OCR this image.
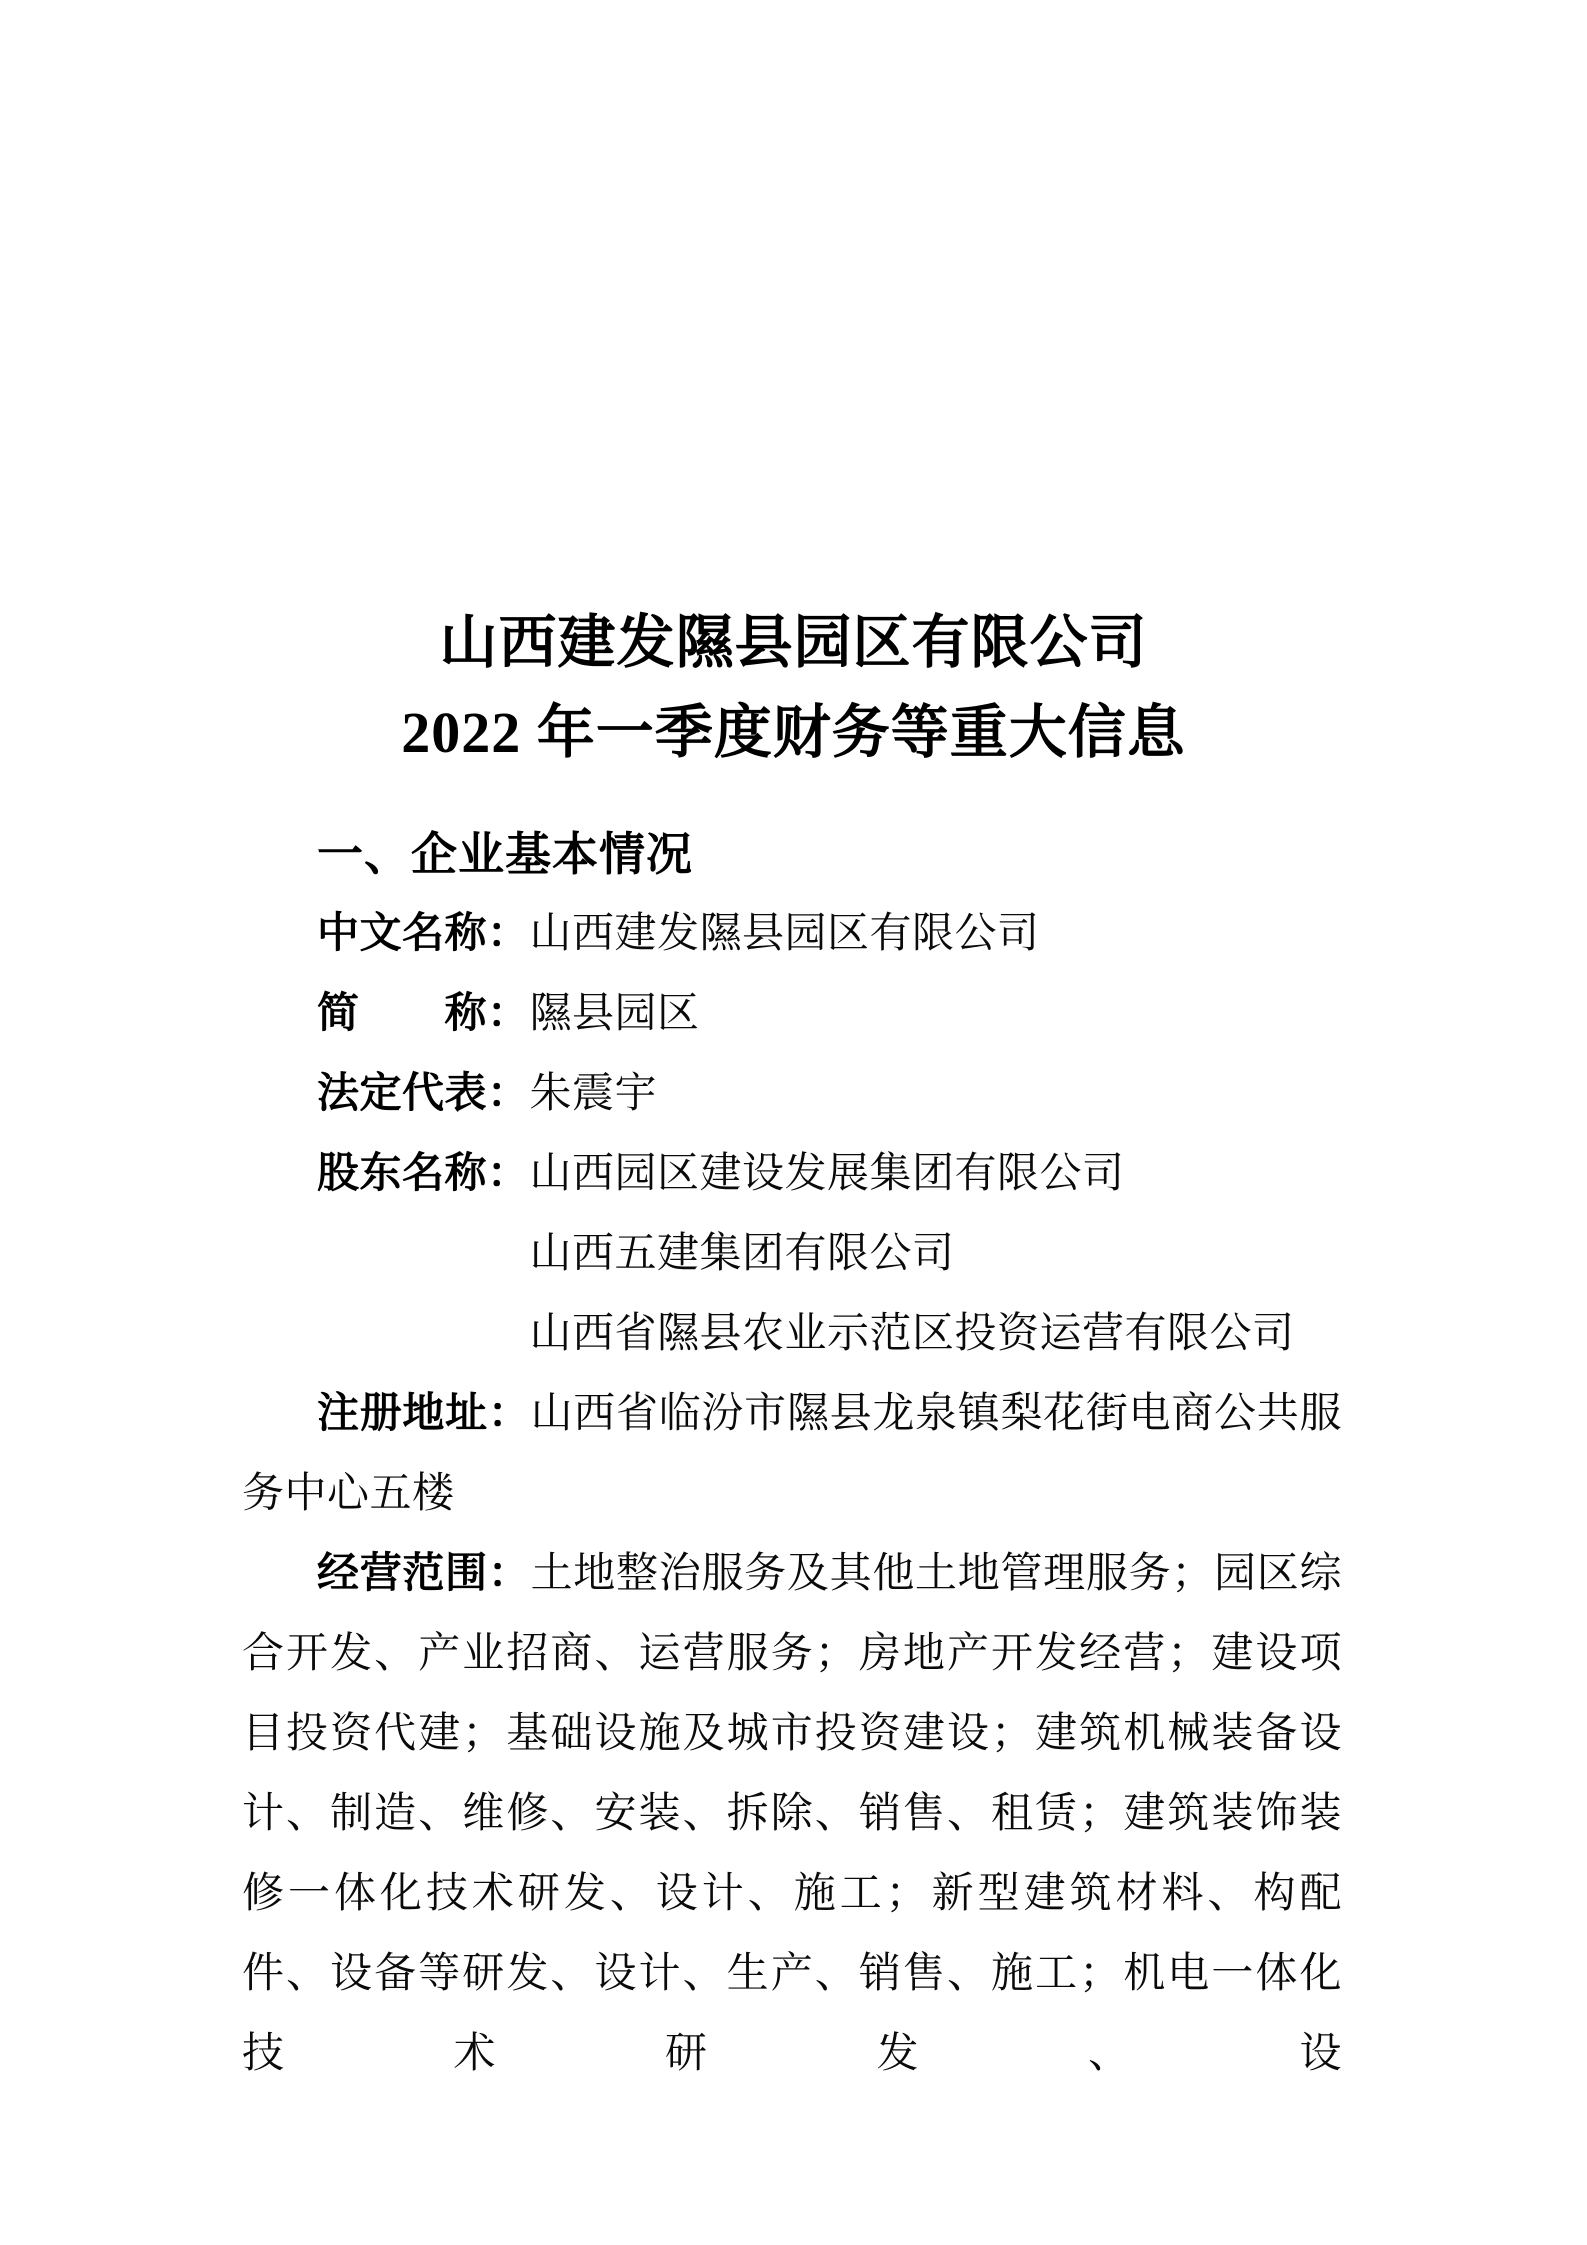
山西建发隰县园区有限公司
2022 年一季度财务等重大信息
一、企业基本情况
中文名称： 山西建发隰县园区有限公司
简　　称： 隰县园区
法定代表： 朱震宇
股东名称： 山西园区建设发展集团有限公司
山西五建集团有限公司
山西省隰县农业示范区投资运营有限公司

注册地址：山西省临汾市隰县龙泉镇梨花街电商公共服务中心五楼

经营范围：土地整治服务及其他土地管理服务；园区综合开发、产业招商、运营服务；房地产开发经营；建设项目投资代建；基础设施及城市投资建设；建筑机械装备设计、制造、维修、安装、拆除、销售、租赁；建筑装饰装修一体化技术研发、设计、施工；新型建筑材料、构配件、设备等研发、设计、生产、销售、施工；机电一体化技术研发、设
